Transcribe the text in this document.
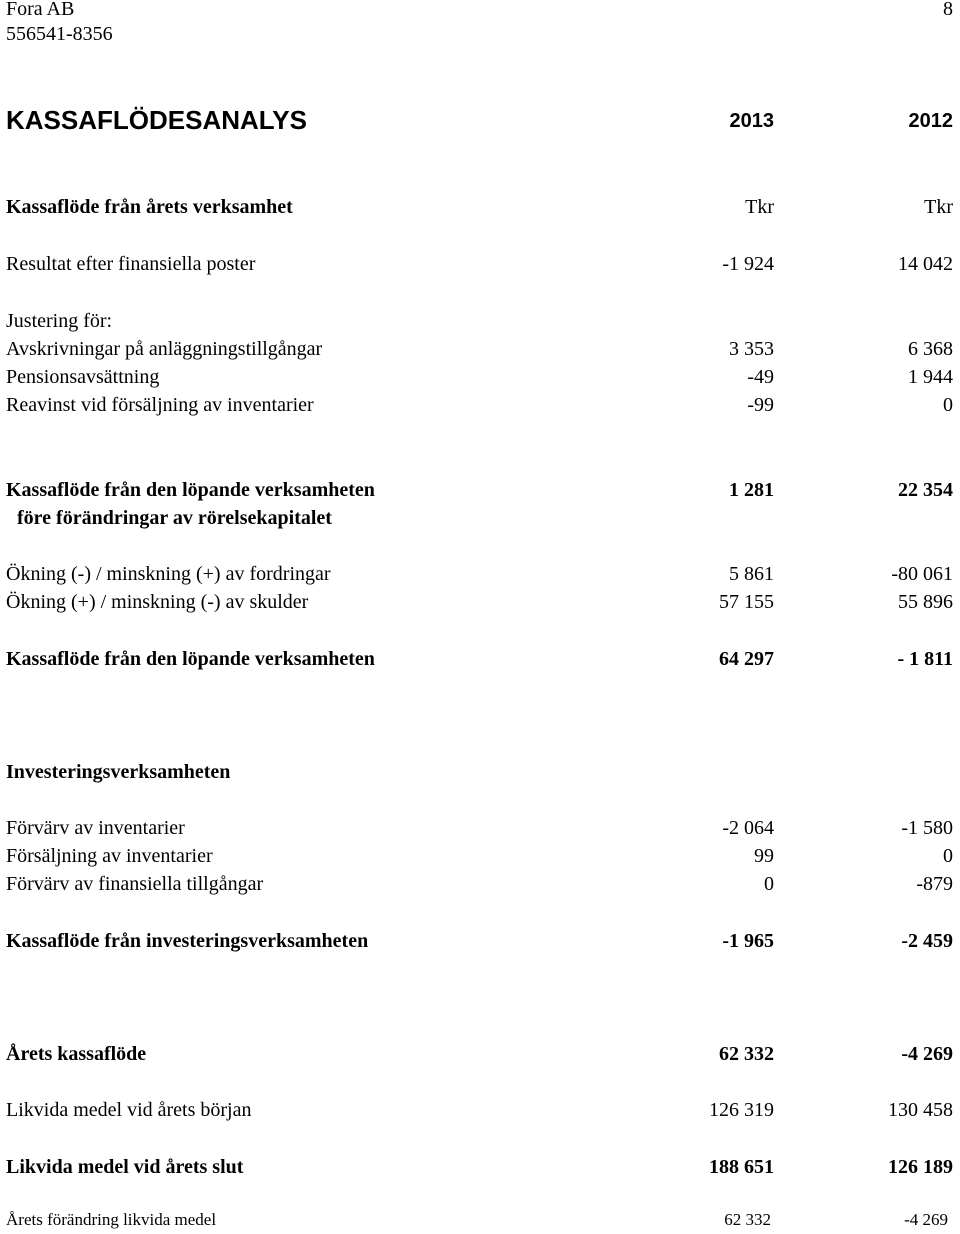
Fora AB
556541-8356
8
KASSAFLÖDESANALYS	2013	2012
Kassaflöde från årets verksamhet	Tkr	Tkr
Resultat efter finansiella poster	-1 924	14 042
Justering för:
Avskrivningar på anläggningstillgångar	3 353	6 368
Pensionsavsättning	-49	1 944
Reavinst vid försäljning av inventarier	-99	0
Kassaflöde från den löpande verksamheten	1 281	22 354
före förändringar av rörelsekapitalet
Ökning (-) / minskning (+) av fordringar	5 861	-80 061
Ökning (+) / minskning (-) av skulder	57 155	55 896
Kassaflöde från den löpande verksamheten	64 297	- 1 811
Investeringsverksamheten
Förvärv av inventarier	-2 064	-1 580
Försäljning av inventarier	99	0
Förvärv av finansiella tillgångar	0	-879
Kassaflöde från investeringsverksamheten	-1 965	-2 459
Årets kassaflöde	62 332	-4 269
Likvida medel vid årets början	126 319	130 458
Likvida medel vid årets slut	188 651	126 189
Årets förändring likvida medel	62 332	-4 269
